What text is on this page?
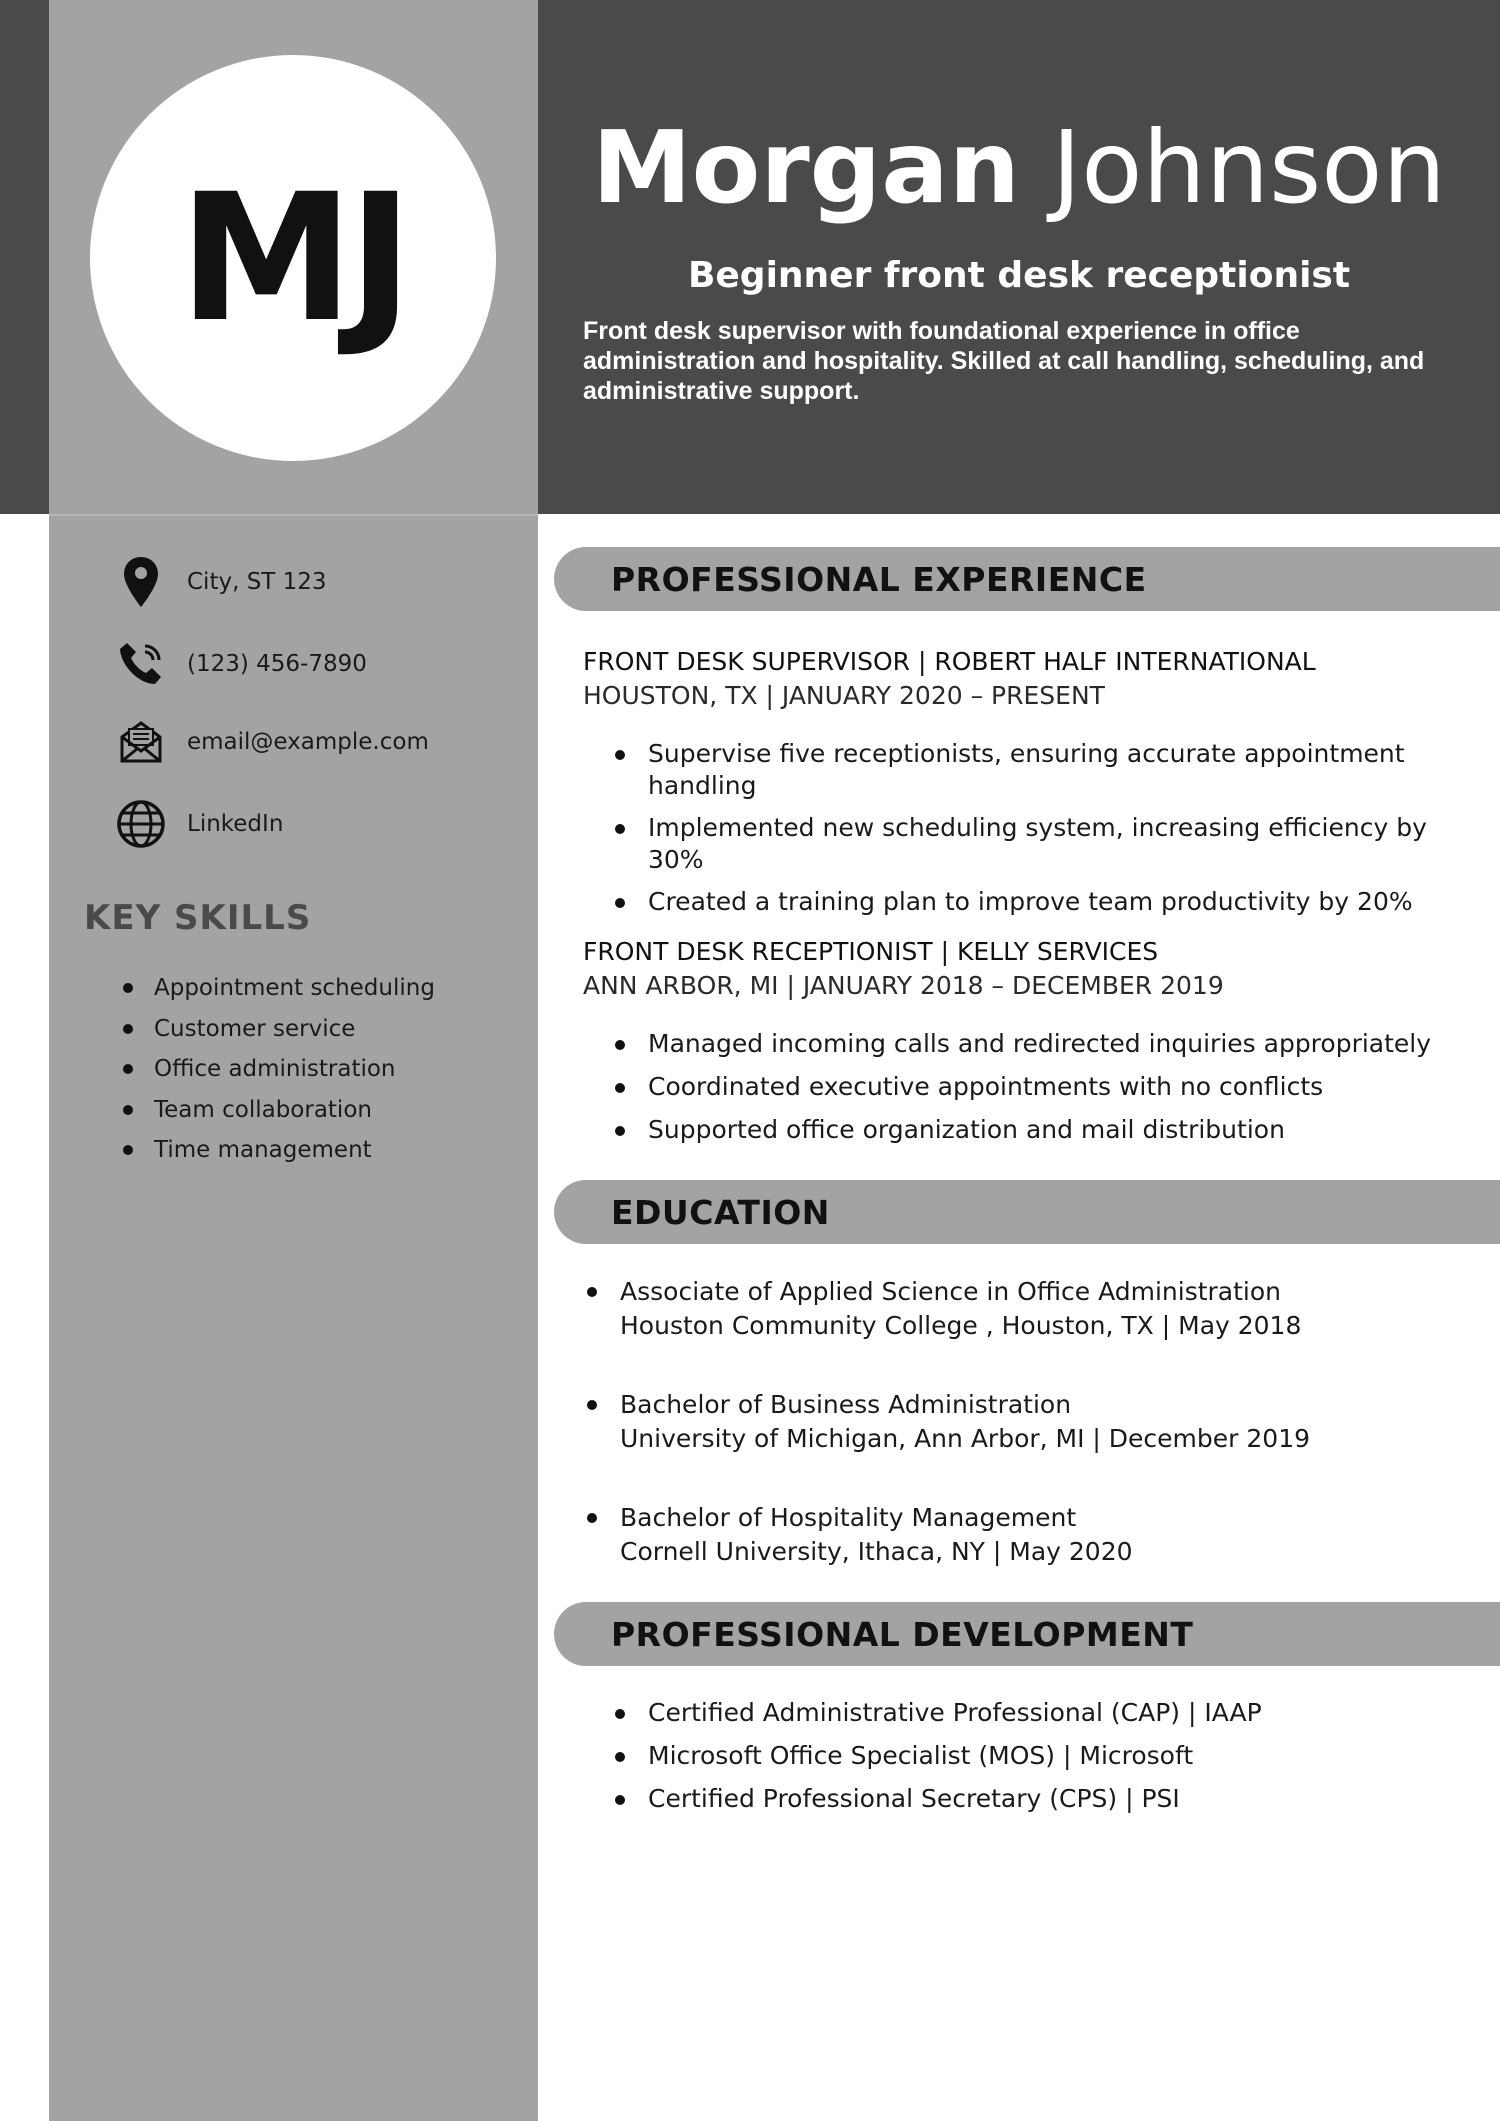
MJ	Morgan Johnson
Beginner front desk receptionist
Front desk supervisor with foundational experience in office administration and hospitality. Skilled at call handling, scheduling, and administrative support.
City, ST 123
(123) 456-7890
email@example.com
LinkedIn
KEY SKILLS
Appointment scheduling
Customer service
Office administration
Team collaboration
Time management
PROFESSIONAL EXPERIENCE
FRONT DESK SUPERVISOR | ROBERT HALF INTERNATIONAL
HOUSTON, TX | JANUARY 2020 – PRESENT
Supervise five receptionists, ensuring accurate appointment handling
Implemented new scheduling system, increasing efficiency by 30%
Created a training plan to improve team productivity by 20%
FRONT DESK RECEPTIONIST | KELLY SERVICES
ANN ARBOR, MI | JANUARY 2018 – DECEMBER 2019
Managed incoming calls and redirected inquiries appropriately
Coordinated executive appointments with no conflicts
Supported office organization and mail distribution
EDUCATION
Associate of Applied Science in Office Administration
Houston Community College , Houston, TX | May 2018
Bachelor of Business Administration
University of Michigan, Ann Arbor, MI | December 2019
Bachelor of Hospitality Management
Cornell University, Ithaca, NY | May 2020
PROFESSIONAL DEVELOPMENT
Certified Administrative Professional (CAP) | IAAP
Microsoft Office Specialist (MOS) | Microsoft
Certified Professional Secretary (CPS) | PSI
